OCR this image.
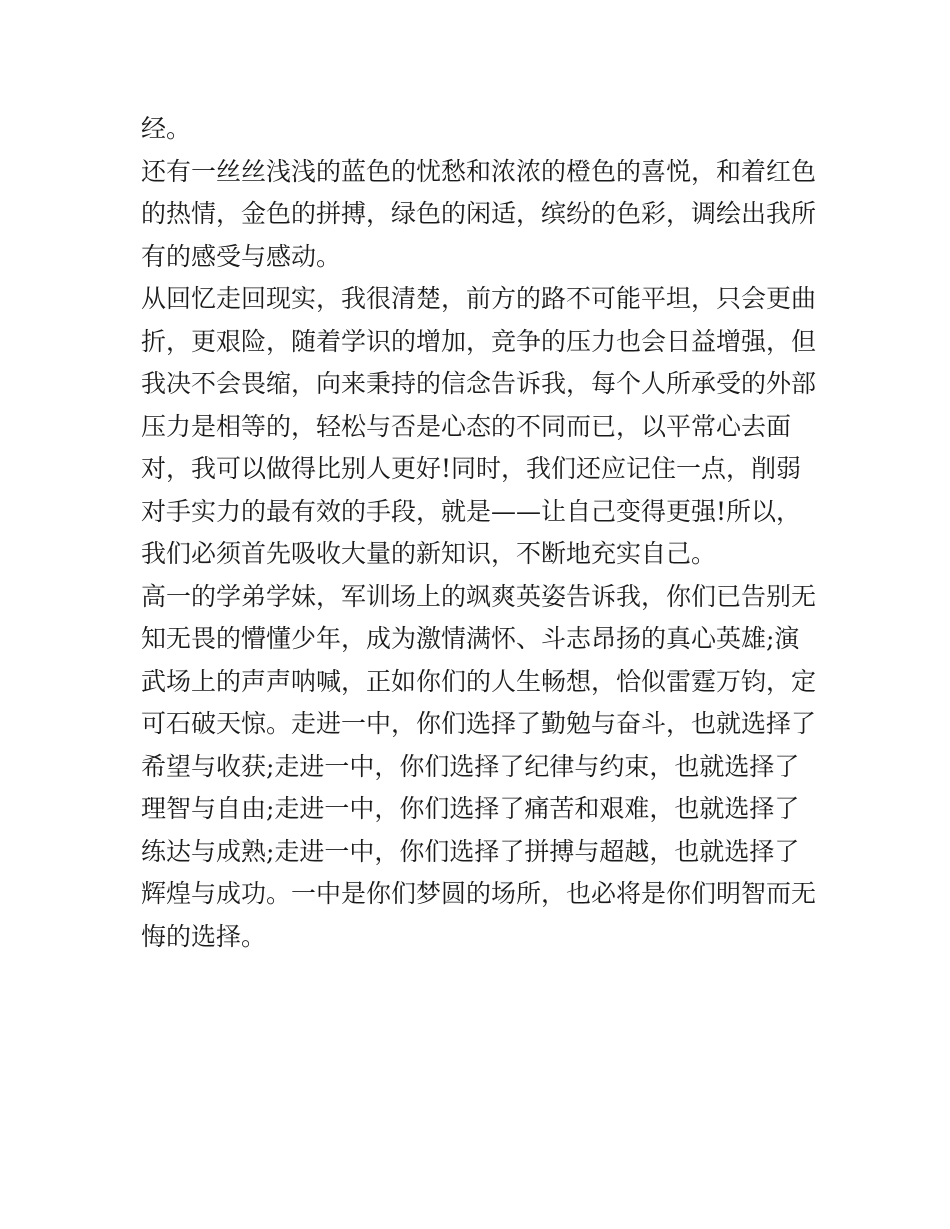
经。

还有一丝丝浅浅的蓝色的忧愁和浓浓的橙色的喜悦，和着红色
的热情，金色的拼搏，绿色的闲适，缤纷的色彩，调绘出我所
有的感受与感动。

从回忆走回现实，我很清楚，前方的路不可能平坦，只会更曲
折，更艰险，随着学识的增加，竞争的压力也会日益增强，但
我决不会畏缩，向来秉持的信念告诉我，每个人所承受的外部
压力是相等的，轻松与否是心态的不同而已，以平常心去面
对，我可以做得比别人更好!同时，我们还应记住一点，削弱
对手实力的最有效的手段，就是——让自己变得更强!所以，
我们必须首先吸收大量的新知识，不断地充实自己。

高一的学弟学妹，军训场上的飒爽英姿告诉我，你们已告别无
知无畏的懵懂少年，成为激情满怀、斗志昂扬的真心英雄;演
武场上的声声呐喊，正如你们的人生畅想，恰似雷霆万钧，定
可石破天惊。走进一中，你们选择了勤勉与奋斗，也就选择了
希望与收获;走进一中，你们选择了纪律与约束，也就选择了
理智与自由;走进一中，你们选择了痛苦和艰难，也就选择了
练达与成熟;走进一中，你们选择了拼搏与超越，也就选择了
辉煌与成功。一中是你们梦圆的场所，也必将是你们明智而无
悔的选择。
